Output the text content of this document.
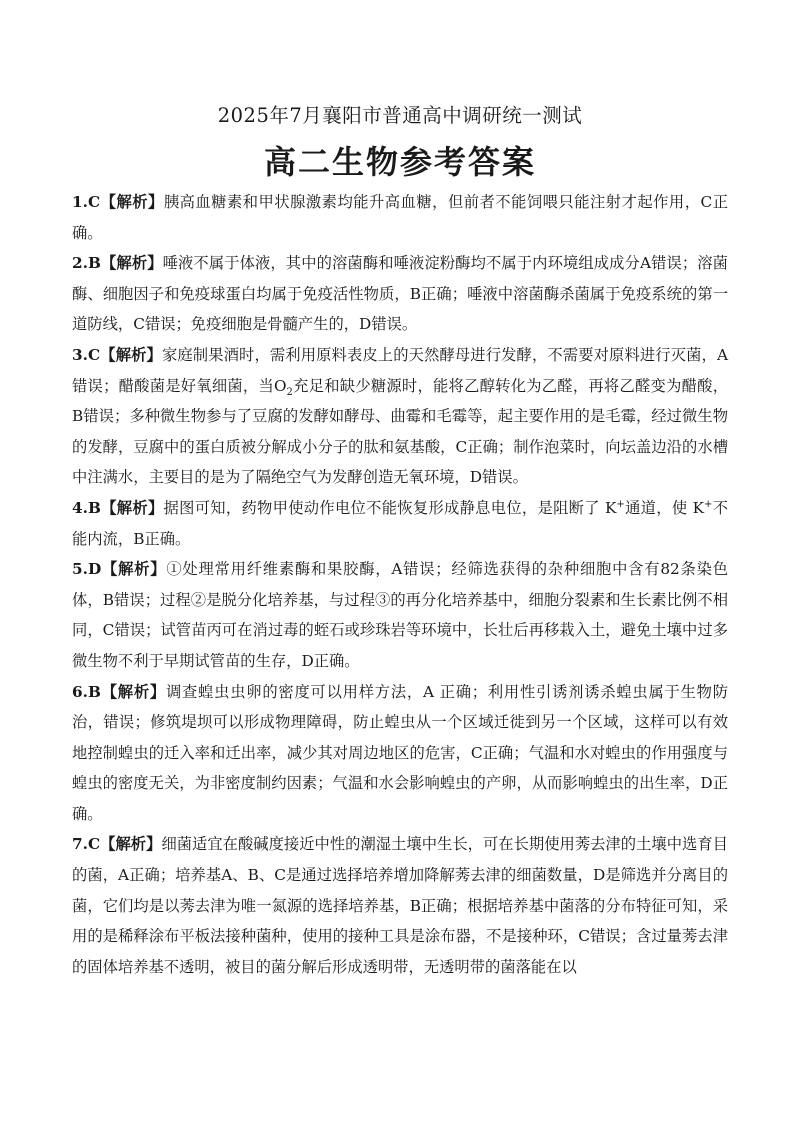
2025年7月襄阳市普通高中调研统一测试
高二生物参考答案

1.C【解析】胰高血糖素和甲状腺激素均能升高血糖，但前者不能饲喂只能注射才起作用，C正确。

2.B【解析】唾液不属于体液，其中的溶菌酶和唾液淀粉酶均不属于内环境组成成分A错误；溶菌酶、细胞因子和免疫球蛋白均属于免疫活性物质，B正确；唾液中溶菌酶杀菌属于免疫系统的第一道防线，C错误；免疫细胞是骨髓产生的，D错误。

3.C【解析】家庭制果酒时，需利用原料表皮上的天然酵母进行发酵，不需要对原料进行灭菌，A错误；醋酸菌是好氧细菌，当$O_2$充足和缺少糖源时，能将乙醇转化为乙醛，再将乙醛变为醋酸，B错误；多种微生物参与了豆腐的发酵如酵母、曲霉和毛霉等，起主要作用的是毛霉，经过微生物的发酵，豆腐中的蛋白质被分解成小分子的肽和氨基酸，C正确；制作泡菜时，向坛盖边沿的水槽中注满水，主要目的是为了隔绝空气为发酵创造无氧环境，D错误。

4.B【解析】据图可知，药物甲使动作电位不能恢复形成静息电位，是阻断了 K+通道，使 K+不能内流，B正确。

5.D【解析】①处理常用纤维素酶和果胶酶，A错误；经筛选获得的杂种细胞中含有82条染色体，B错误；过程②是脱分化培养基，与过程③的再分化培养基中，细胞分裂素和生长素比例不相同，C错误；试管苗丙可在消过毒的蛭石或珍珠岩等环境中，长壮后再移栽入土，避免土壤中过多微生物不利于早期试管苗的生存，D正确。

6.B【解析】调查蝗虫虫卵的密度可以用样方法，A 正确；利用性引诱剂诱杀蝗虫属于生物防治，错误；修筑堤坝可以形成物理障碍，防止蝗虫从一个区域迁徙到另一个区域，这样可以有效地控制蝗虫的迁入率和迁出率，减少其对周边地区的危害，C正确；气温和水对蝗虫的作用强度与蝗虫的密度无关，为非密度制约因素；气温和水会影响蝗虫的产卵，从而影响蝗虫的出生率，D正确。

7.C【解析】细菌适宜在酸碱度接近中性的潮湿土壤中生长，可在长期使用莠去津的土壤中选育目的菌，A正确；培养基A、B、C是通过选择培养增加降解莠去津的细菌数量，D是筛选并分离目的菌，它们均是以莠去津为唯一氮源的选择培养基，B正确；根据培养基中菌落的分布特征可知，采用的是稀释涂布平板法接种菌种，使用的接种工具是涂布器，不是接种环，C错误；含过量莠去津的固体培养基不透明，被目的菌分解后形成透明带，无透明带的菌落能在以
